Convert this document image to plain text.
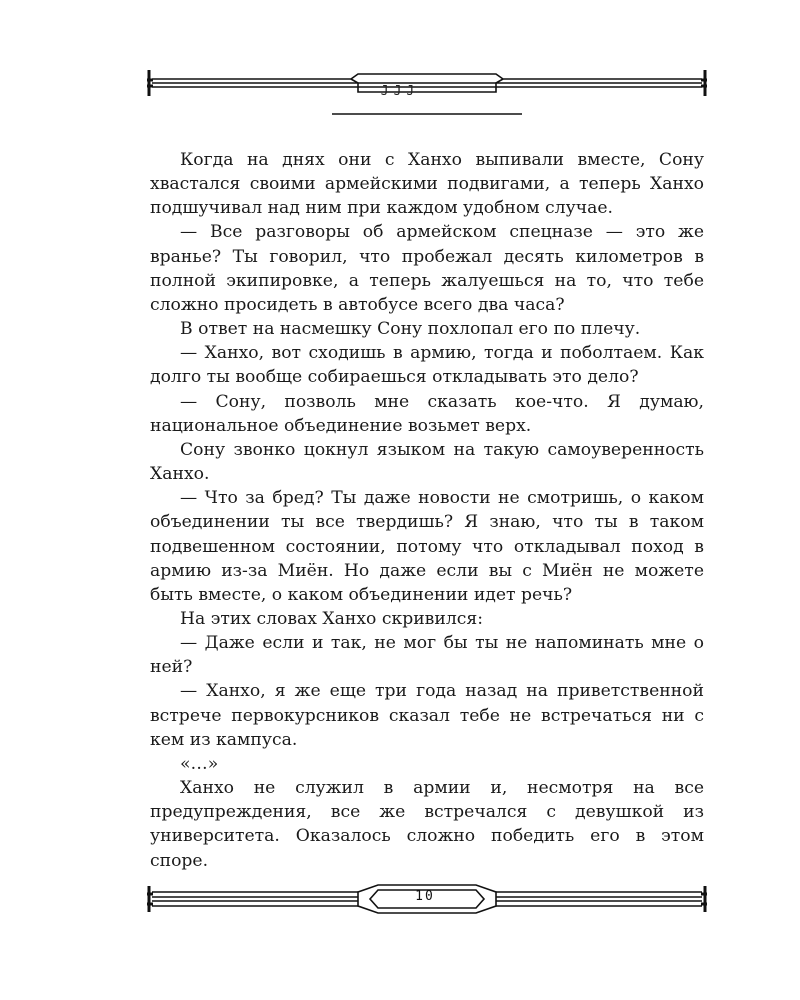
JJJ

Когда на днях они с Ханхо выпивали вместе, Сону хвастался своими армейскими подвигами, а теперь Ханхо подшучивал над ним при каждом удобном случае.

— Все разговоры об армейском спецназе — это же вранье? Ты говорил, что пробежал десять километров в полной экипировке, а теперь жалуешься на то, что тебе сложно просидеть в автобусе всего два часа?

В ответ на насмешку Сону похлопал его по плечу.

— Ханхо, вот сходишь в армию, тогда и поболтаем. Как долго ты вообще собираешься откладывать это дело?

— Сону, позволь мне сказать кое-что. Я думаю, национальное объединение возьмет верх.

Сону звонко цокнул языком на такую самоуверенность Ханхо.

— Что за бред? Ты даже новости не смотришь, о каком объединении ты все твердишь? Я знаю, что ты в таком подвешенном состоянии, потому что откладывал поход в армию из-за Миён. Но даже если вы с Миён не можете быть вместе, о каком объединении идет речь?

На этих словах Ханхо скривился:

— Даже если и так, не мог бы ты не напоминать мне о ней?

— Ханхо, я же еще три года назад на приветственной встрече первокурсников сказал тебе не встречаться ни с кем из кампуса.

«…»

Ханхо не служил в армии и, несмотря на все предупреждения, все же встречался с девушкой из университета. Оказалось сложно победить его в этом споре.

10
